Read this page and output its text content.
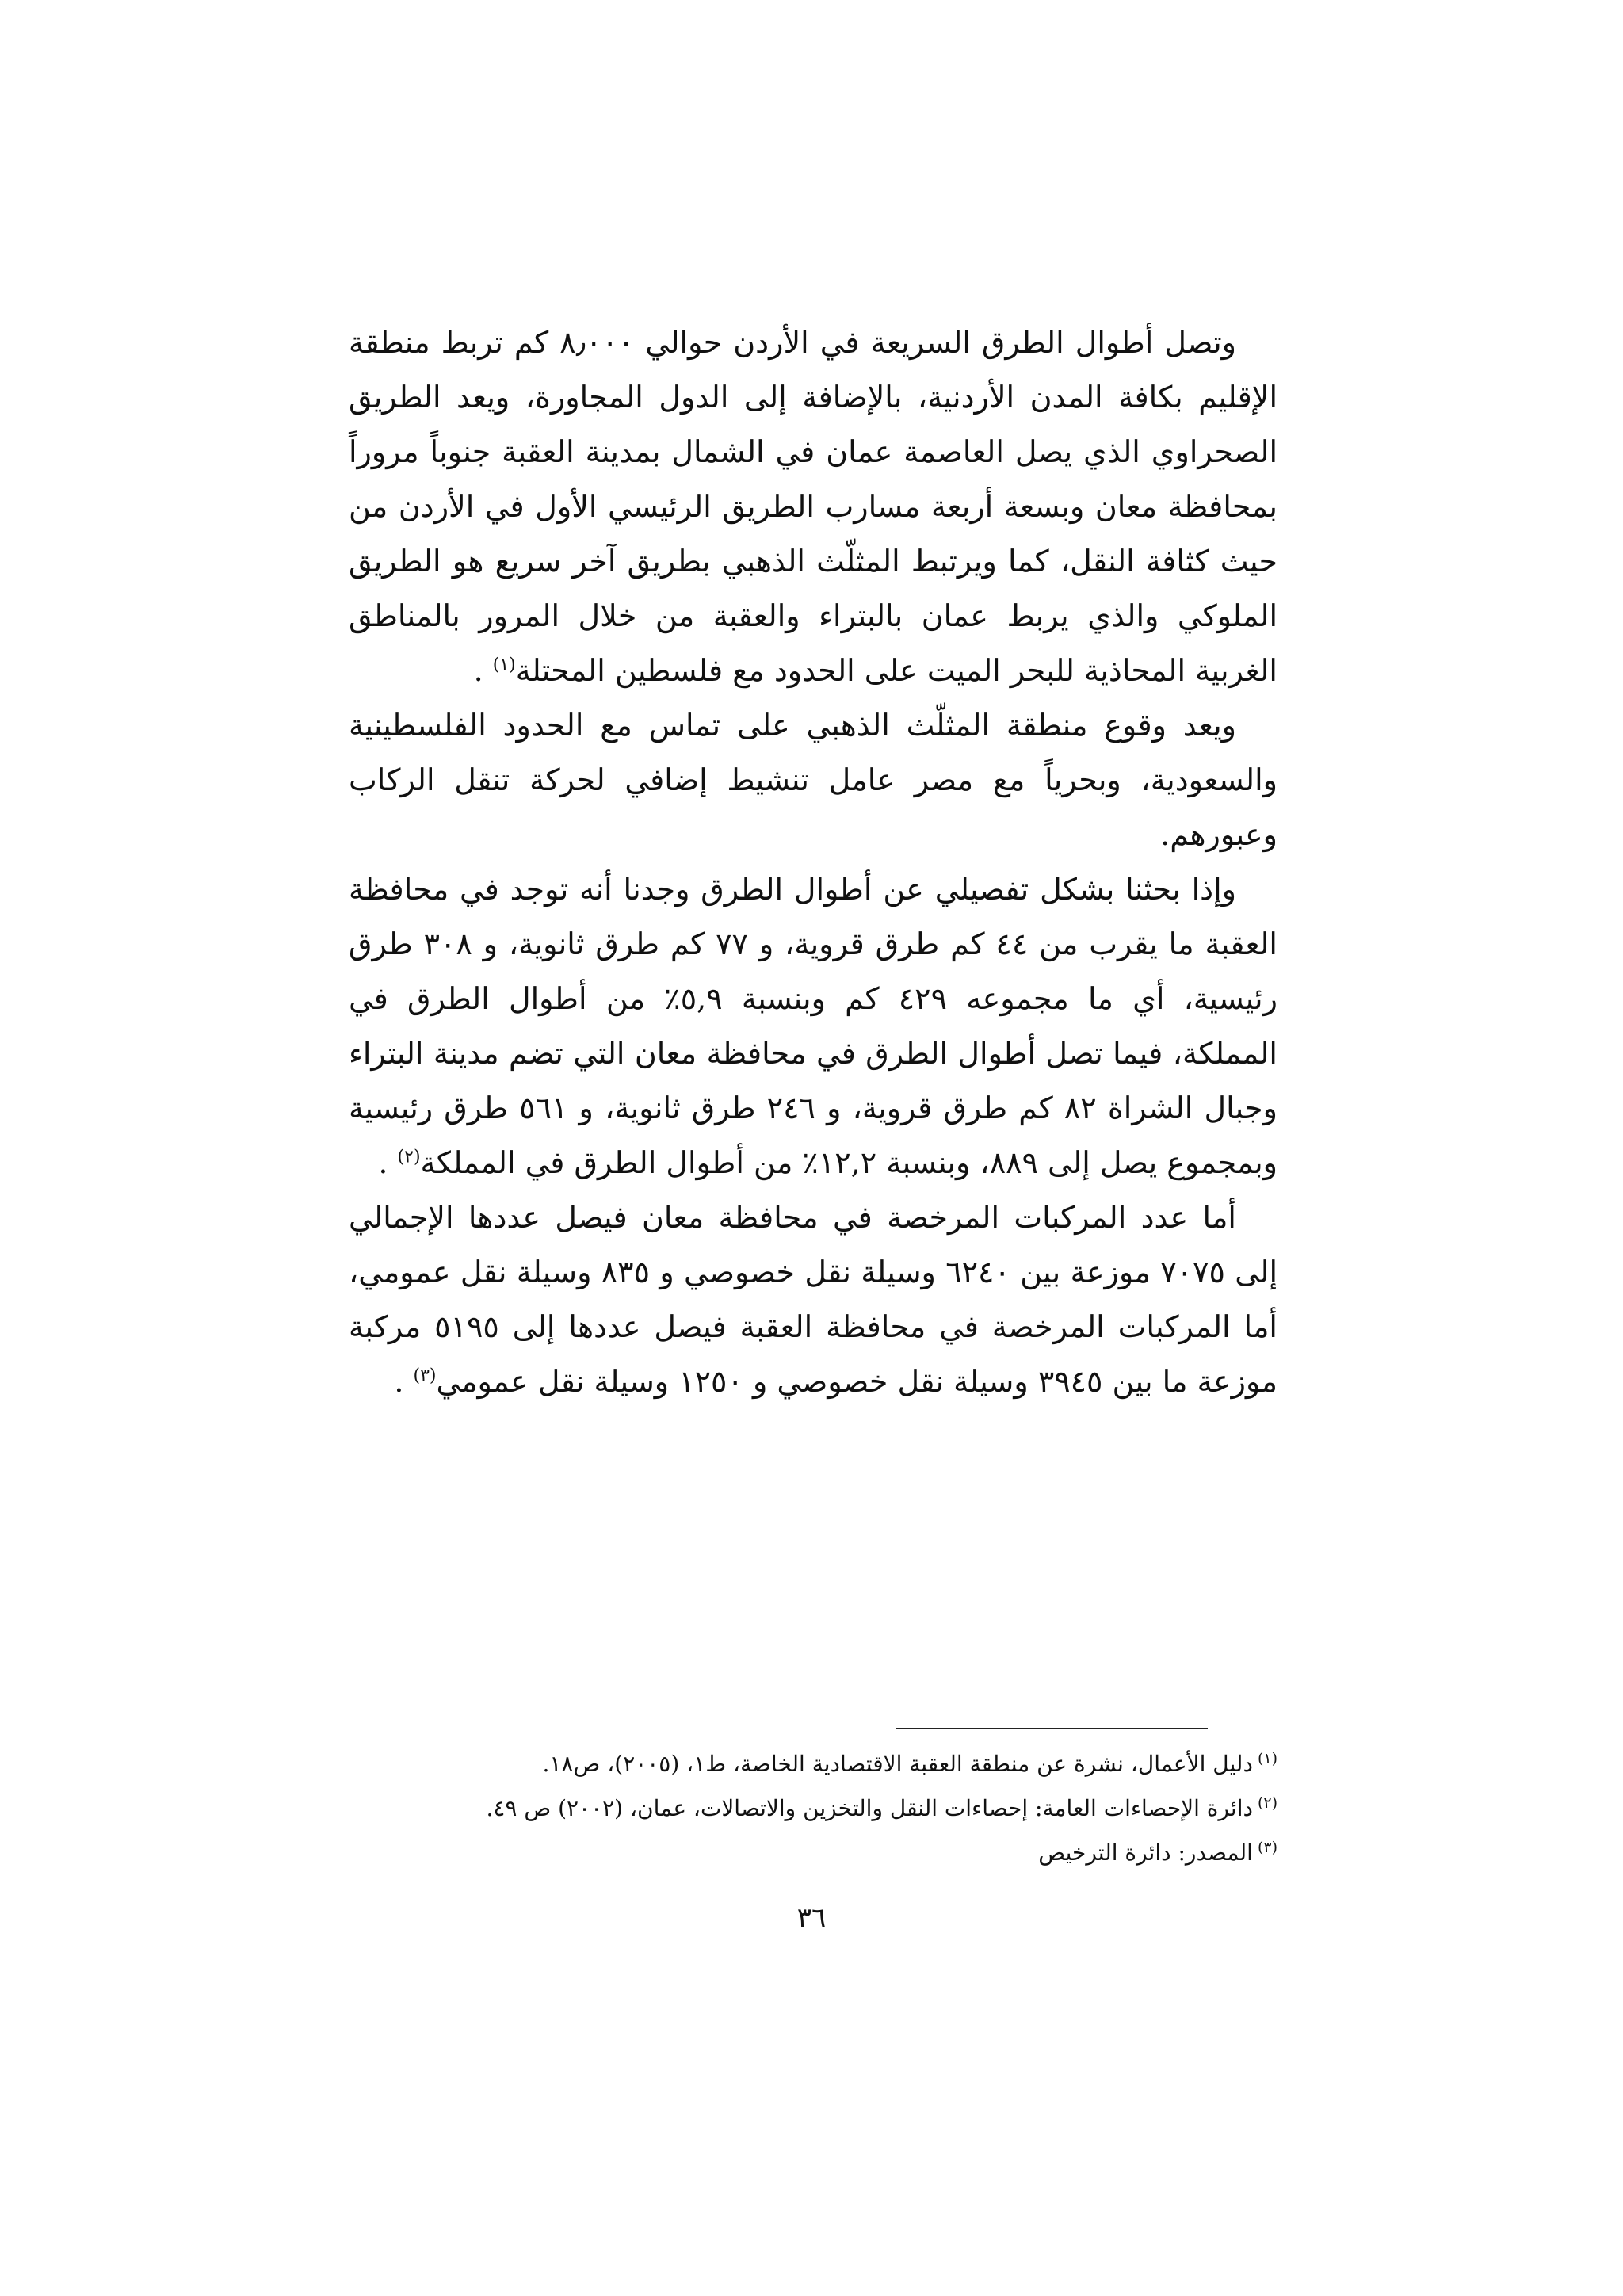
وتصل أطوال الطرق السريعة في الأردن حوالي ٨٫٠٠٠ كم تربط منطقة الإقليم بكافة المدن الأردنية، بالإضافة إلى الدول المجاورة، ويعد الطريق الصحراوي الذي يصل العاصمة عمان في الشمال بمدينة العقبة جنوباً مروراً بمحافظة معان وبسعة أربعة مسارب الطريق الرئيسي الأول في الأردن من حيث كثافة النقل، كما ويرتبط المثلّث الذهبي بطريق آخر سريع هو الطريق الملوكي والذي يربط عمان بالبتراء والعقبة من خلال المرور بالمناطق الغربية المحاذية للبحر الميت على الحدود مع فلسطين المحتلة$^{(١)}$ .

ويعد وقوع منطقة المثلّث الذهبي على تماس مع الحدود الفلسطينية والسعودية، وبحرياً مع مصر عامل تنشيط إضافي لحركة تنقل الركاب وعبورهم.

وإذا بحثنا بشكل تفصيلي عن أطوال الطرق وجدنا أنه توجد في محافظة العقبة ما يقرب من ٤٤ كم طرق قروية، و ٧٧ كم طرق ثانوية، و ٣٠٨ طرق رئيسية، أي ما مجموعه ٤٢٩ كم وبنسبة ٥,٩٪ من أطوال الطرق في المملكة، فيما تصل أطوال الطرق في محافظة معان التي تضم مدينة البتراء وجبال الشراة ٨٢ كم طرق قروية، و ٢٤٦ طرق ثانوية، و ٥٦١ طرق رئيسية وبمجموع يصل إلى ٨٨٩، وبنسبة ١٢,٢٪ من أطوال الطرق في المملكة$^{(٢)}$ .

أما عدد المركبات المرخصة في محافظة معان فيصل عددها الإجمالي إلى ٧٠٧٥ موزعة بين ٦٢٤٠ وسيلة نقل خصوصي و ٨٣٥ وسيلة نقل عمومي، أما المركبات المرخصة في محافظة العقبة فيصل عددها إلى ٥١٩٥ مركبة موزعة ما بين ٣٩٤٥ وسيلة نقل خصوصي و ١٢٥٠ وسيلة نقل عمومي$^{(٣)}$ .

$^{(١)}$دليل الأعمال، نشرة عن منطقة العقبة الاقتصادية الخاصة، ط١، (٢٠٠٥)، ص١٨.

$^{(٢)}$دائرة الإحصاءات العامة: إحصاءات النقل والتخزين والاتصالات، عمان، (٢٠٠٢) ص ٤٩.

$^{(٣)}$المصدر: دائرة الترخيص

٣٦
